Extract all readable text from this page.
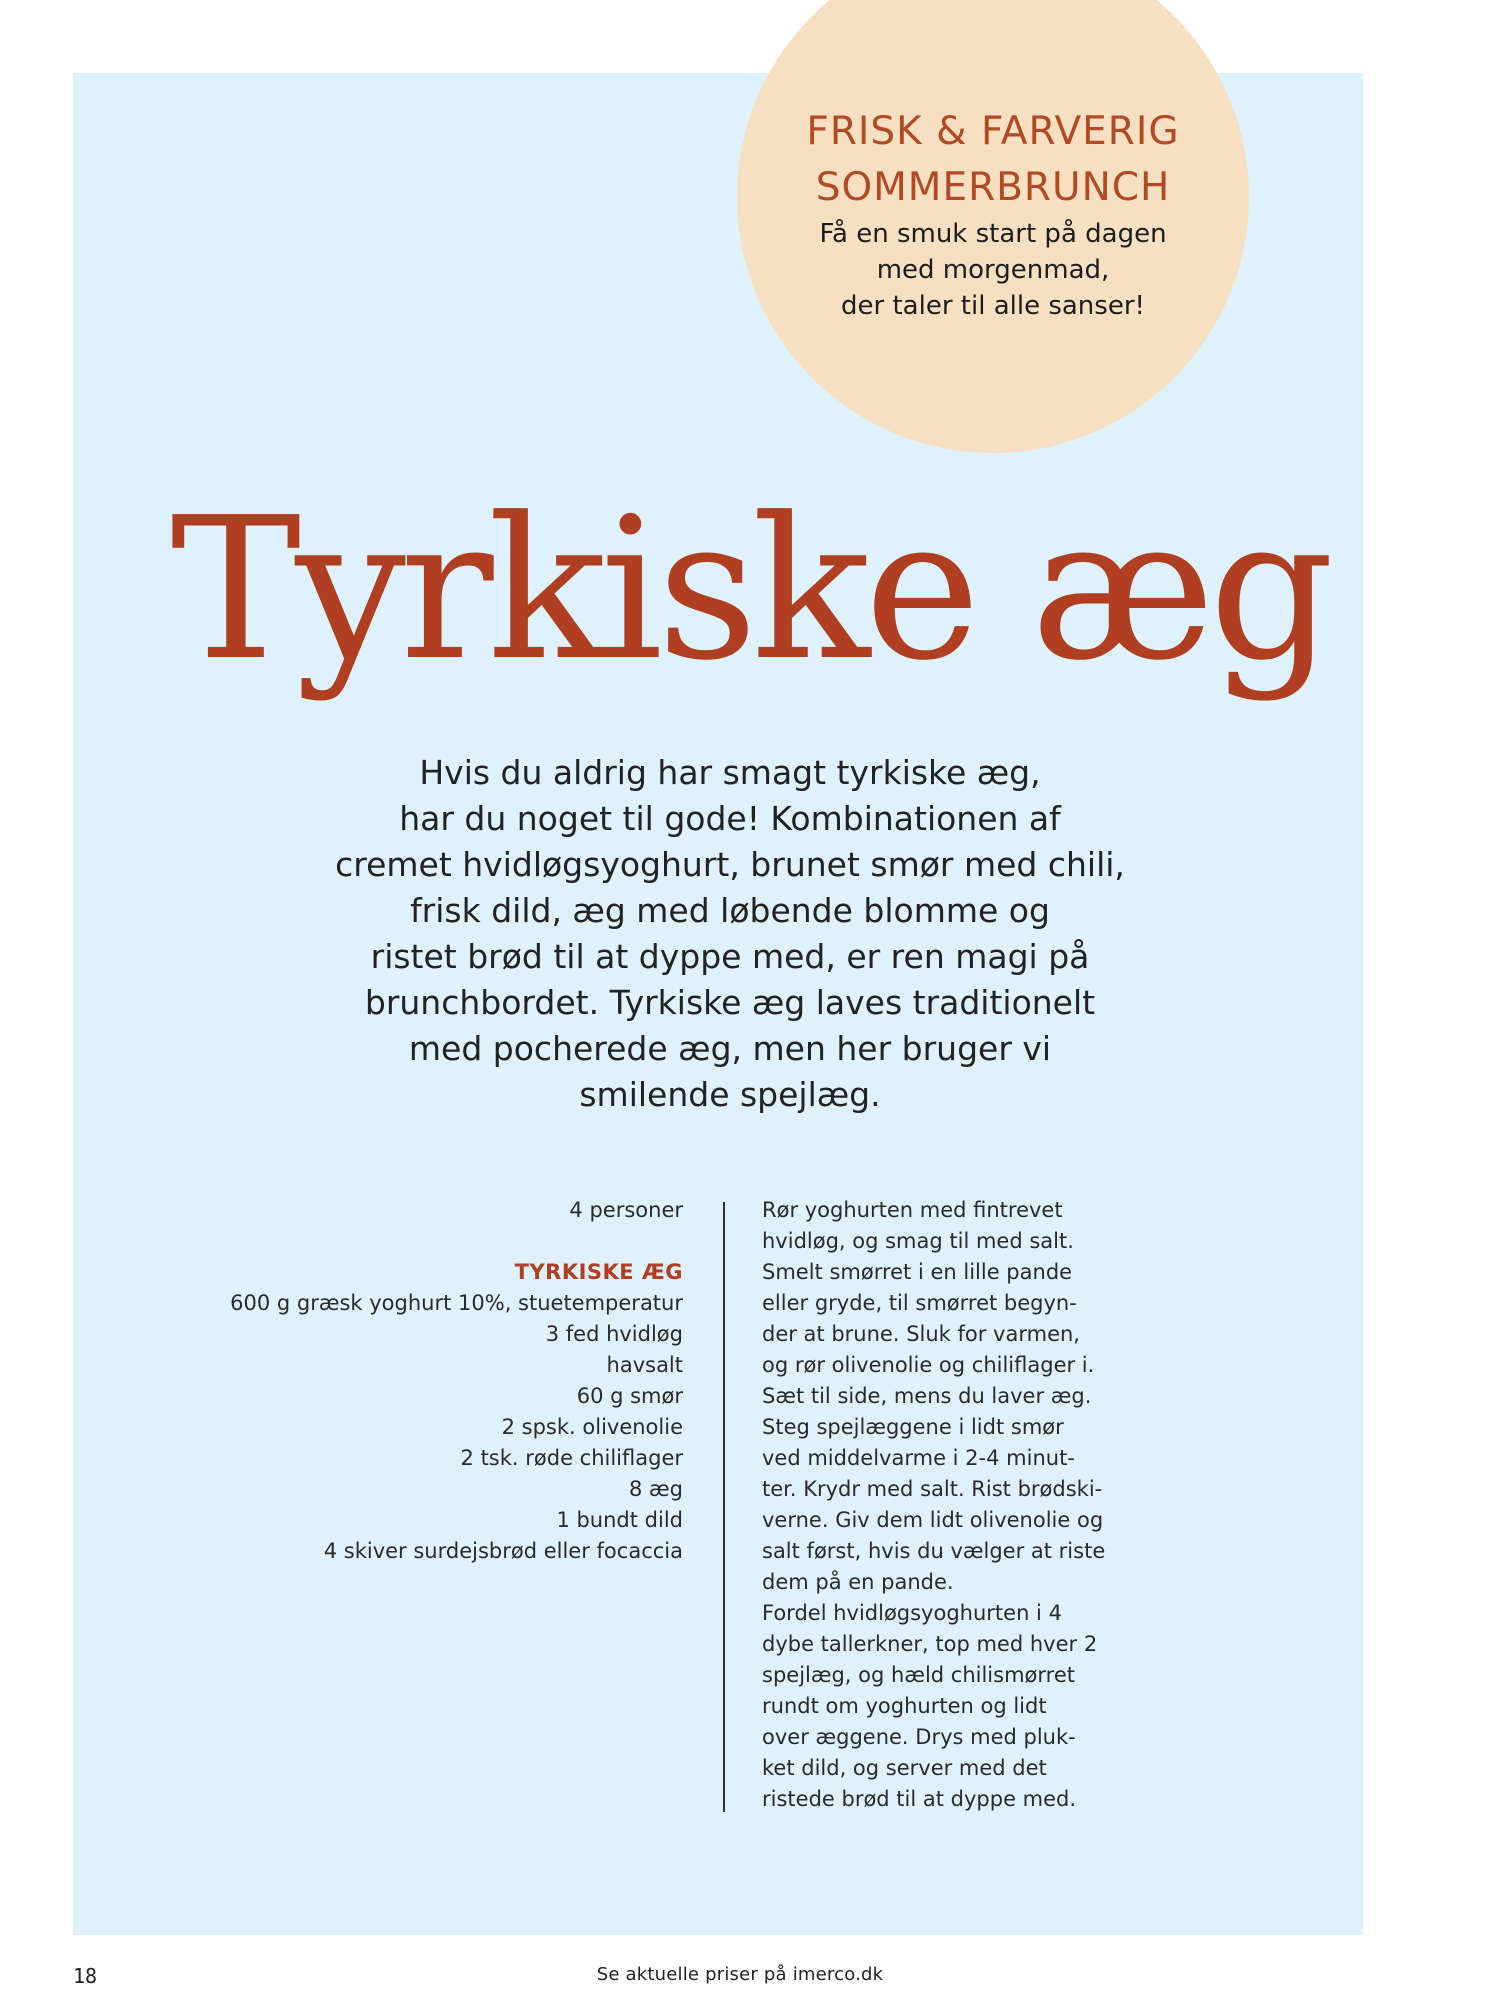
FRISK & FARVERIG
SOMMERBRUNCH

Få en smuk start på dagen
med morgenmad,
der taler til alle sanser!

Tyrkiske æg

Hvis du aldrig har smagt tyrkiske æg,
har du noget til gode! Kombinationen af
cremet hvidløgsyoghurt, brunet smør med chili,
frisk dild, æg med løbende blomme og
ristet brød til at dyppe med, er ren magi på
brunchbordet. Tyrkiske æg laves traditionelt
med pocherede æg, men her bruger vi
smilende spejlæg.

4 personer
TYRKISKE ÆG
600 g græsk yoghurt 10%, stuetemperatur
3 fed hvidløg
havsalt
60 g smør
2 spsk. olivenolie
2 tsk. røde chiliflager
8 æg
1 bundt dild
4 skiver surdejsbrød eller focaccia
Rør yoghurten med fintrevet
hvidløg, og smag til med salt.
Smelt smørret i en lille pande
eller gryde, til smørret begyn-
der at brune. Sluk for varmen,
og rør olivenolie og chiliflager i.
Sæt til side, mens du laver æg.
Steg spejlæggene i lidt smør
ved middelvarme i 2-4 minut-
ter. Krydr med salt. Rist brødski-
verne. Giv dem lidt olivenolie og
salt først, hvis du vælger at riste
dem på en pande.
Fordel hvidløgsyoghurten i 4
dybe tallerkner, top med hver 2
spejlæg, og hæld chilismørret
rundt om yoghurten og lidt
over æggene. Drys med pluk-
ket dild, og server med det
ristede brød til at dyppe med.
18	Se aktuelle priser på imerco.dk
